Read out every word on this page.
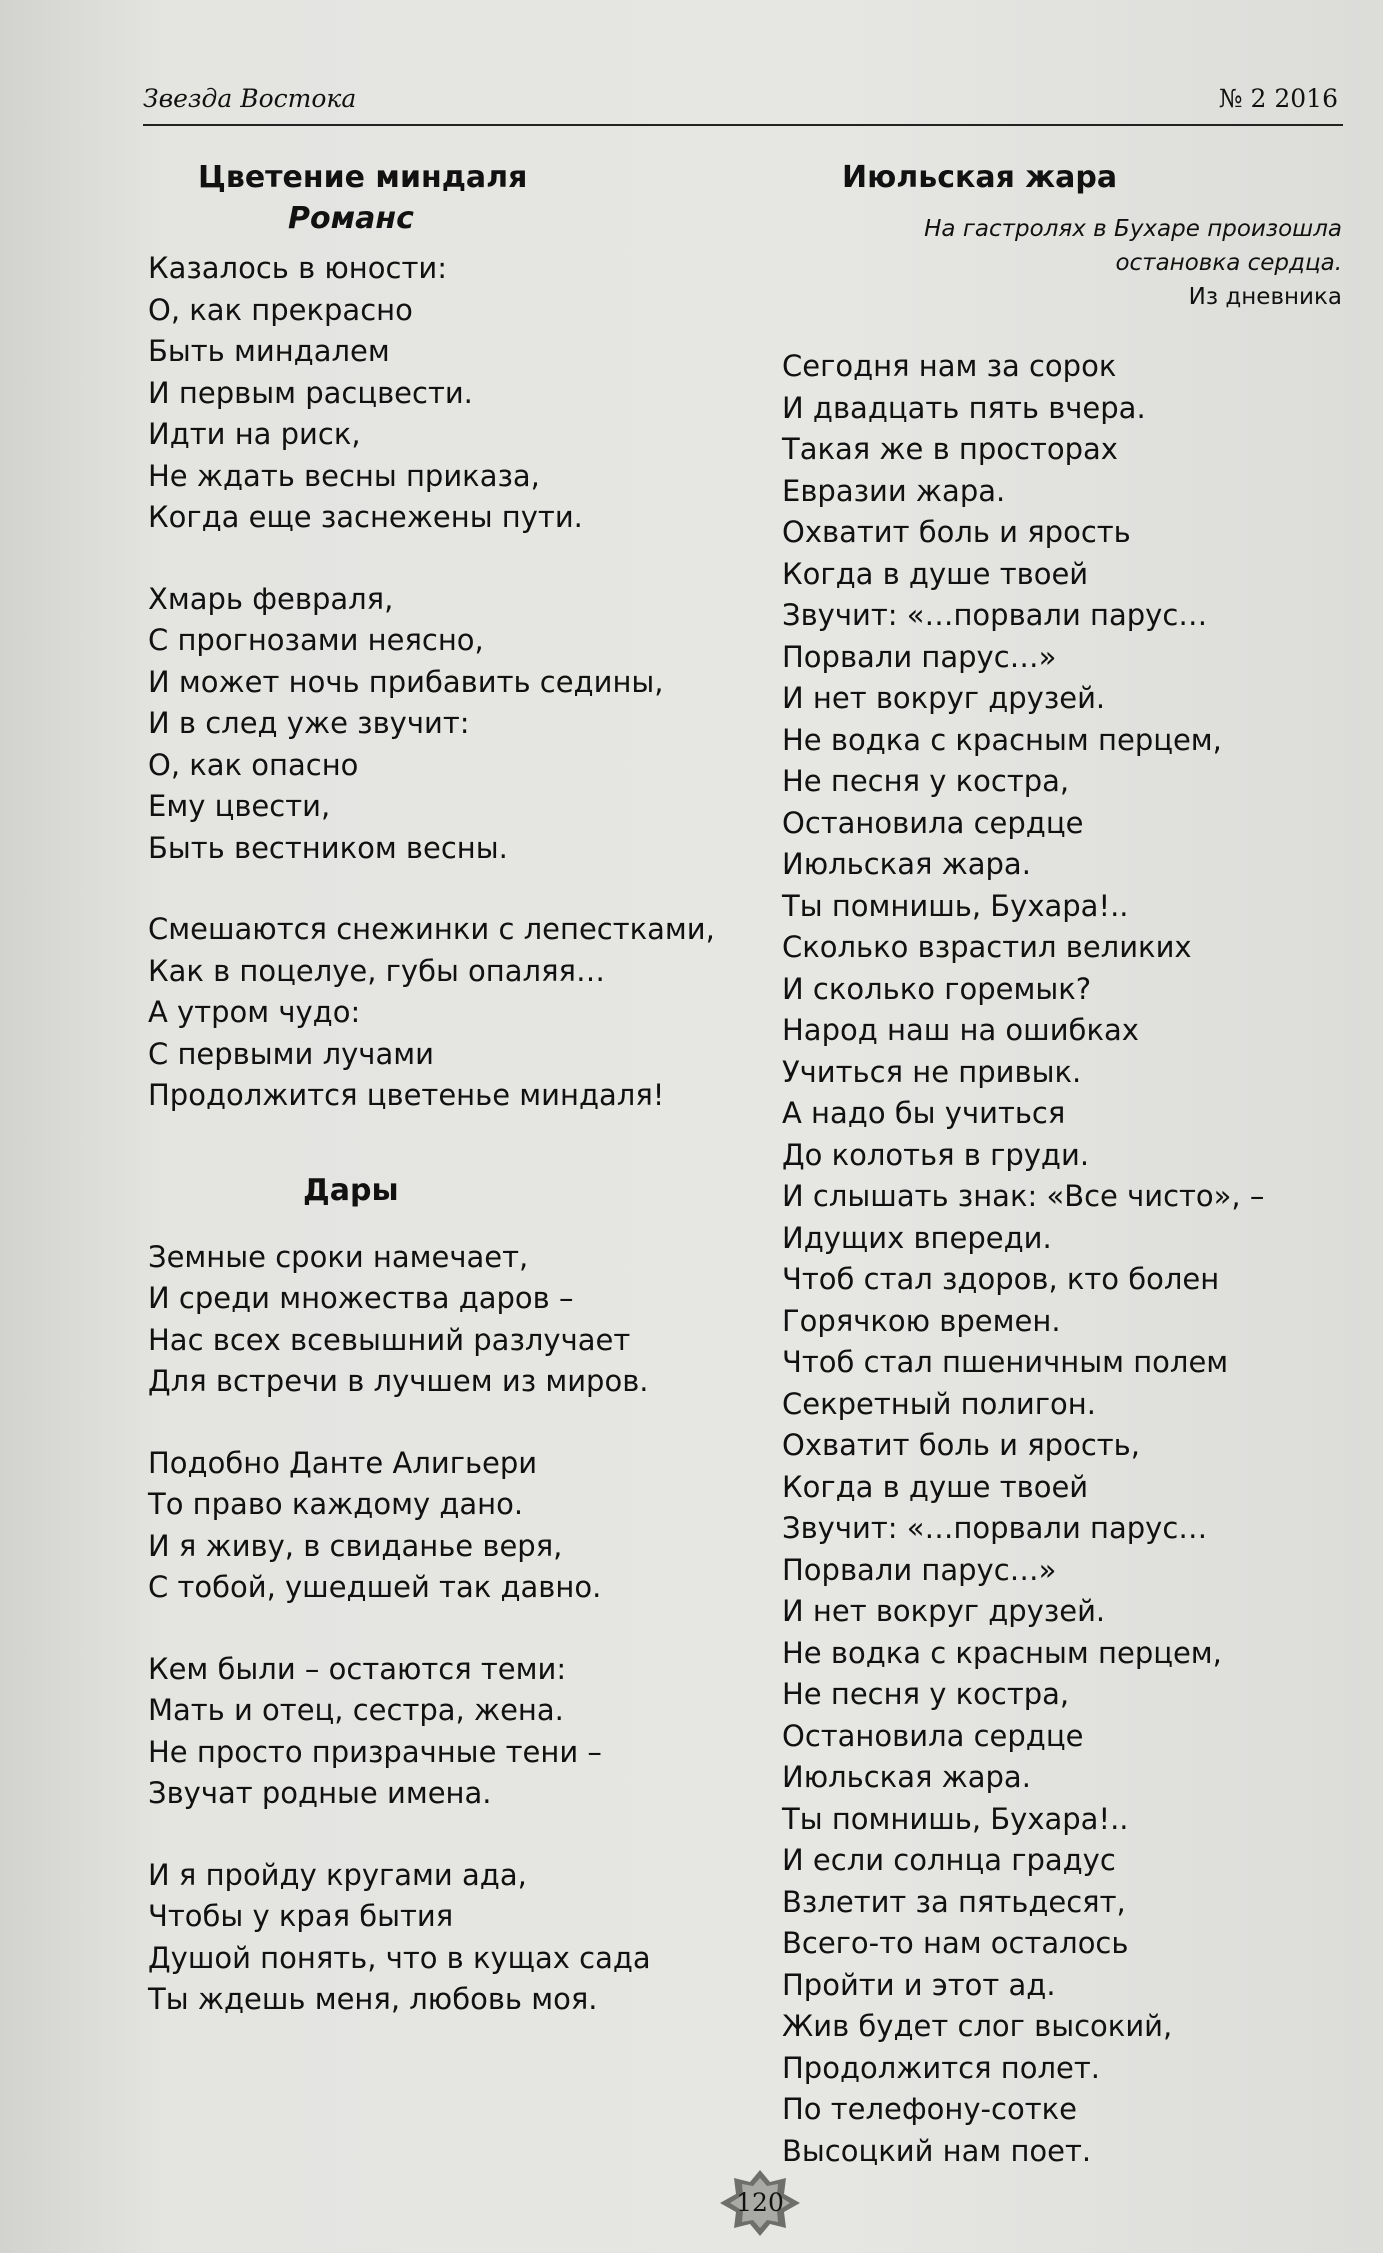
Звезда Востока	№ 2 2016

Цветение миндаля

Романс

Казалось в юности:
О, как прекрасно
Быть миндалем
И первым расцвести.
Идти на риск,
Не ждать весны приказа,
Когда еще заснежены пути.
Хмарь февраля,
С прогнозами неясно,
И может ночь прибавить седины,
И в след уже звучит:
О, как опасно
Ему цвести,
Быть вестником весны.
Смешаются снежинки с лепестками,
Как в поцелуе, губы опаляя…
А утром чудо:
С первыми лучами
Продолжится цветенье миндаля!

Дары

Земные сроки намечает,
И среди множества даров –
Нас всех всевышний разлучает
Для встречи в лучшем из миров.
Подобно Данте Алигьери
То право каждому дано.
И я живу, в свиданье веря,
С тобой, ушедшей так давно.
Кем были – остаются теми:
Мать и отец, сестра, жена.
Не просто призрачные тени –
Звучат родные имена.
И я пройду кругами ада,
Чтобы у края бытия
Душой понять, что в кущах сада
Ты ждешь меня, любовь моя.

Июльская жара

На гастролях в Бухаре произошла
остановка сердца.
Из дневника
Сегодня нам за сорок
И двадцать пять вчера.
Такая же в просторах
Евразии жара.
Охватит боль и ярость
Когда в душе твоей
Звучит: «…порвали парус…
Порвали парус…»
И нет вокруг друзей.
Не водка с красным перцем,
Не песня у костра,
Остановила сердце
Июльская жара.
Ты помнишь, Бухара!..
Сколько взрастил великих
И сколько горемык?
Народ наш на ошибках
Учиться не привык.
А надо бы учиться
До колотья в груди.
И слышать знак: «Все чисто», –
Идущих впереди.
Чтоб стал здоров, кто болен
Горячкою времен.
Чтоб стал пшеничным полем
Секретный полигон.
Охватит боль и ярость,
Когда в душе твоей
Звучит: «…порвали парус…
Порвали парус…»
И нет вокруг друзей.
Не водка с красным перцем,
Не песня у костра,
Остановила сердце
Июльская жара.
Ты помнишь, Бухара!..
И если солнца градус
Взлетит за пятьдесят,
Всего-то нам осталось
Пройти и этот ад.
Жив будет слог высокий,
Продолжится полет.
По телефону-сотке
Высоцкий нам поет.
120
